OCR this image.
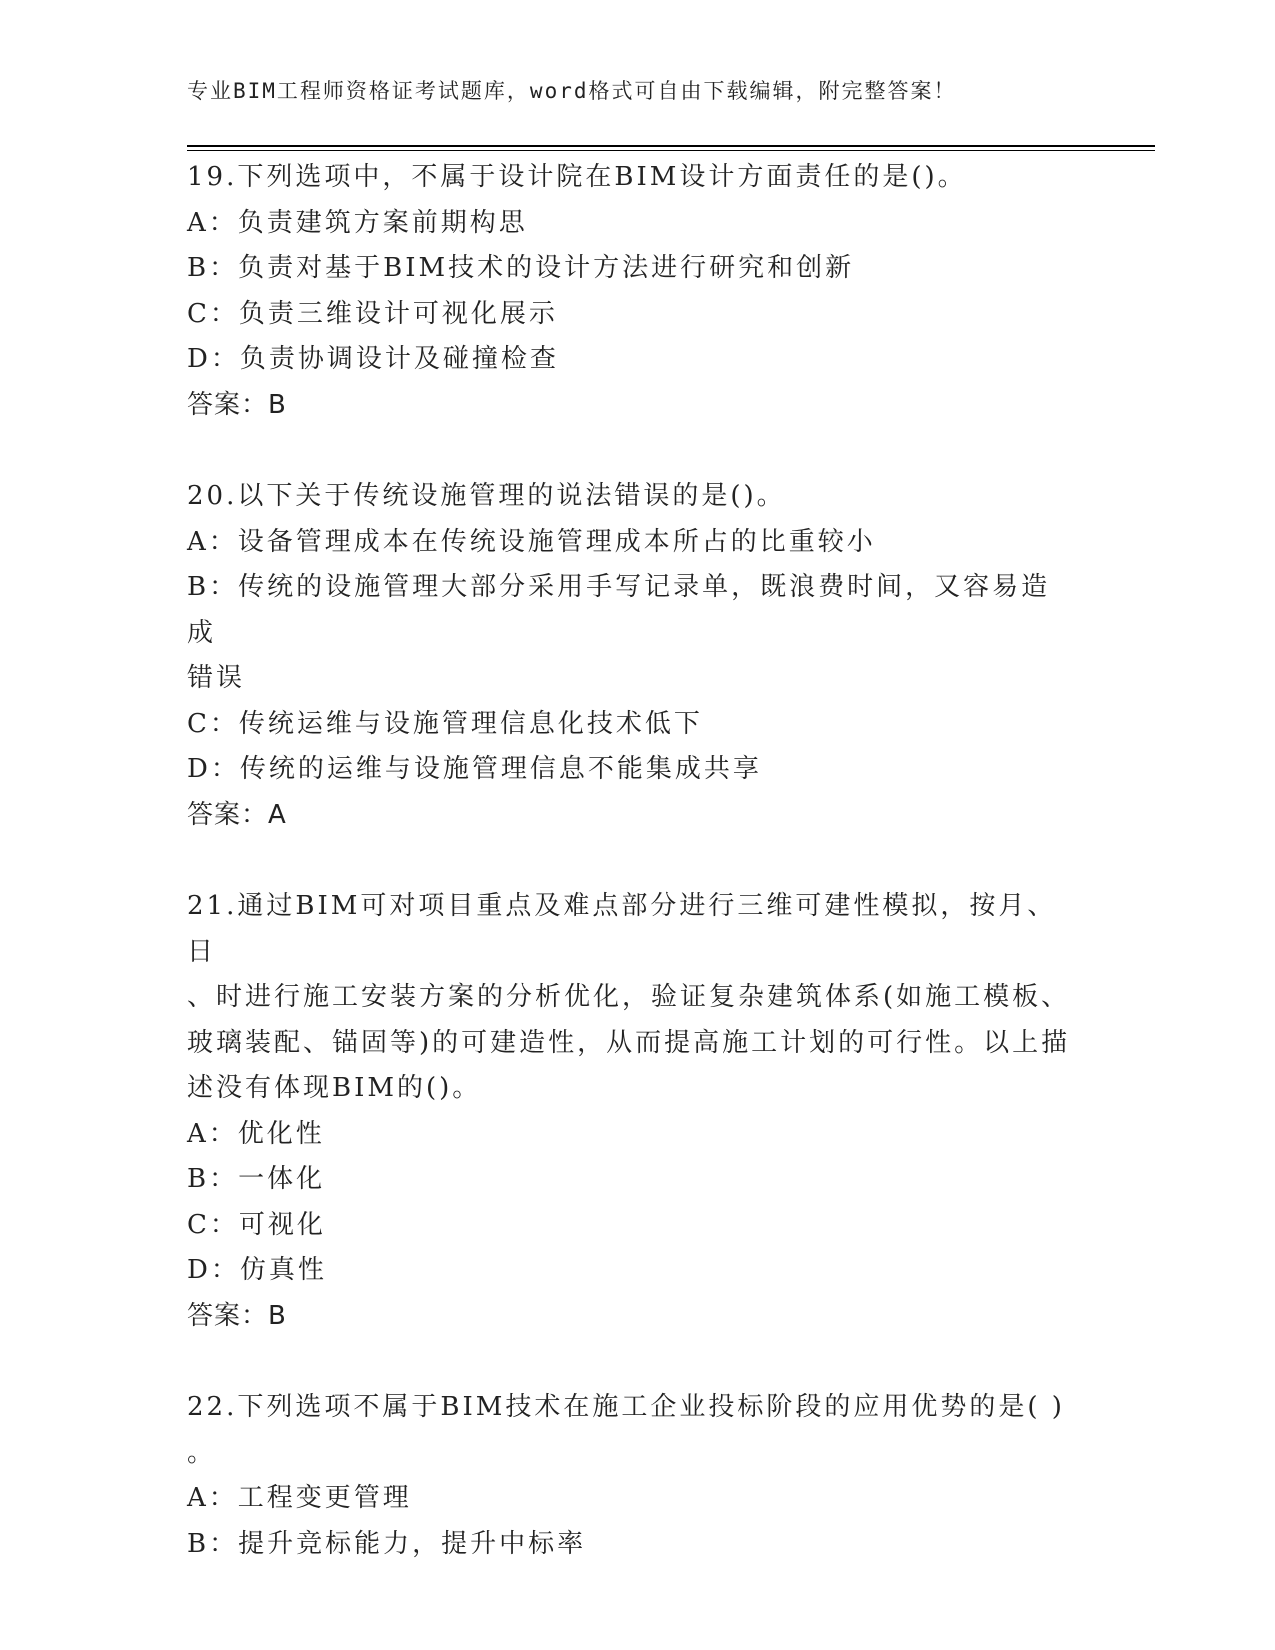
专业BIM工程师资格证考试题库，word格式可自由下载编辑，附完整答案！

19.下列选项中，不属于设计院在BIM设计方面责任的是()。

A：负责建筑方案前期构思

B：负责对基于BIM技术的设计方法进行研究和创新

C：负责三维设计可视化展示

D：负责协调设计及碰撞检查

答案：B

20.以下关于传统设施管理的说法错误的是()。

A：设备管理成本在传统设施管理成本所占的比重较小

B：传统的设施管理大部分采用手写记录单，既浪费时间，又容易造成

错误

C：传统运维与设施管理信息化技术低下

D：传统的运维与设施管理信息不能集成共享

答案：A

21.通过BIM可对项目重点及难点部分进行三维可建性模拟，按月、日

、时进行施工安装方案的分析优化，验证复杂建筑体系(如施工模板、

玻璃装配、锚固等)的可建造性，从而提高施工计划的可行性。以上描

述没有体现BIM的()。

A：优化性

B：一体化

C：可视化

D：仿真性

答案：B

22.下列选项不属于BIM技术在施工企业投标阶段的应用优势的是( )

。

A：工程变更管理

B：提升竞标能力，提升中标率
